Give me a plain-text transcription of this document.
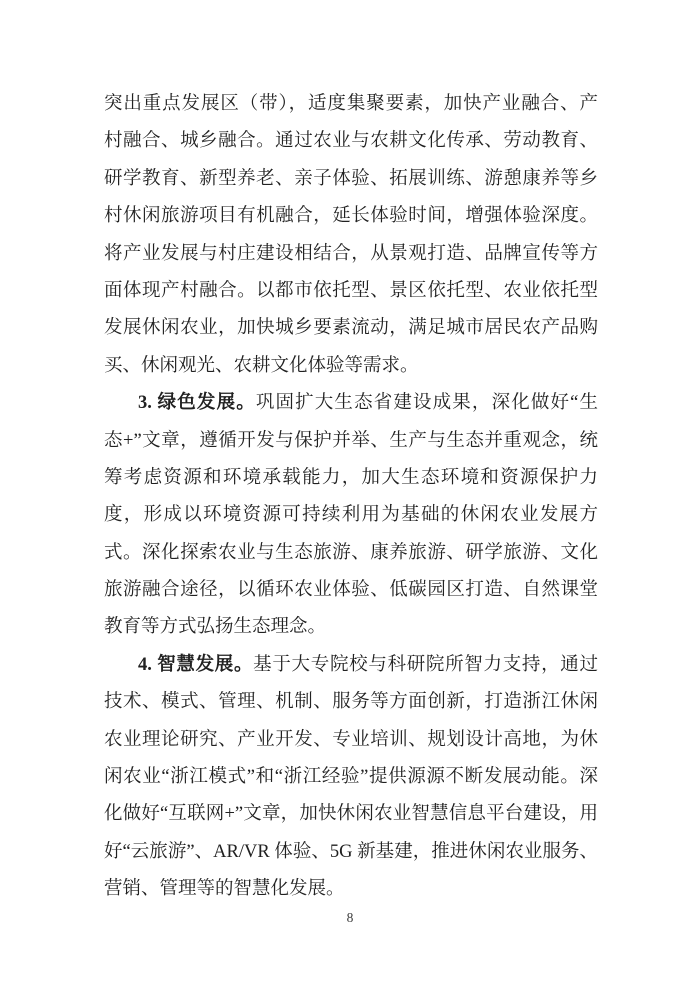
突出重点发展区（带），适度集聚要素，加快产业融合、产
村融合、城乡融合。通过农业与农耕文化传承、劳动教育、
研学教育、新型养老、亲子体验、拓展训练、游憩康养等乡
村休闲旅游项目有机融合，延长体验时间，增强体验深度。
将产业发展与村庄建设相结合，从景观打造、品牌宣传等方
面体现产村融合。以都市依托型、景区依托型、农业依托型
发展休闲农业，加快城乡要素流动，满足城市居民农产品购
买、休闲观光、农耕文化体验等需求。
3. 绿色发展。巩固扩大生态省建设成果，深化做好“生
态+”文章，遵循开发与保护并举、生产与生态并重观念，统
筹考虑资源和环境承载能力，加大生态环境和资源保护力
度，形成以环境资源可持续利用为基础的休闲农业发展方
式。深化探索农业与生态旅游、康养旅游、研学旅游、文化
旅游融合途径，以循环农业体验、低碳园区打造、自然课堂
教育等方式弘扬生态理念。
4. 智慧发展。基于大专院校与科研院所智力支持，通过
技术、模式、管理、机制、服务等方面创新，打造浙江休闲
农业理论研究、产业开发、专业培训、规划设计高地，为休
闲农业“浙江模式”和“浙江经验”提供源源不断发展动能。深
化做好“互联网+”文章，加快休闲农业智慧信息平台建设，用
好“云旅游”、AR/VR 体验、5G 新基建，推进休闲农业服务、
营销、管理等的智慧化发展。
8
